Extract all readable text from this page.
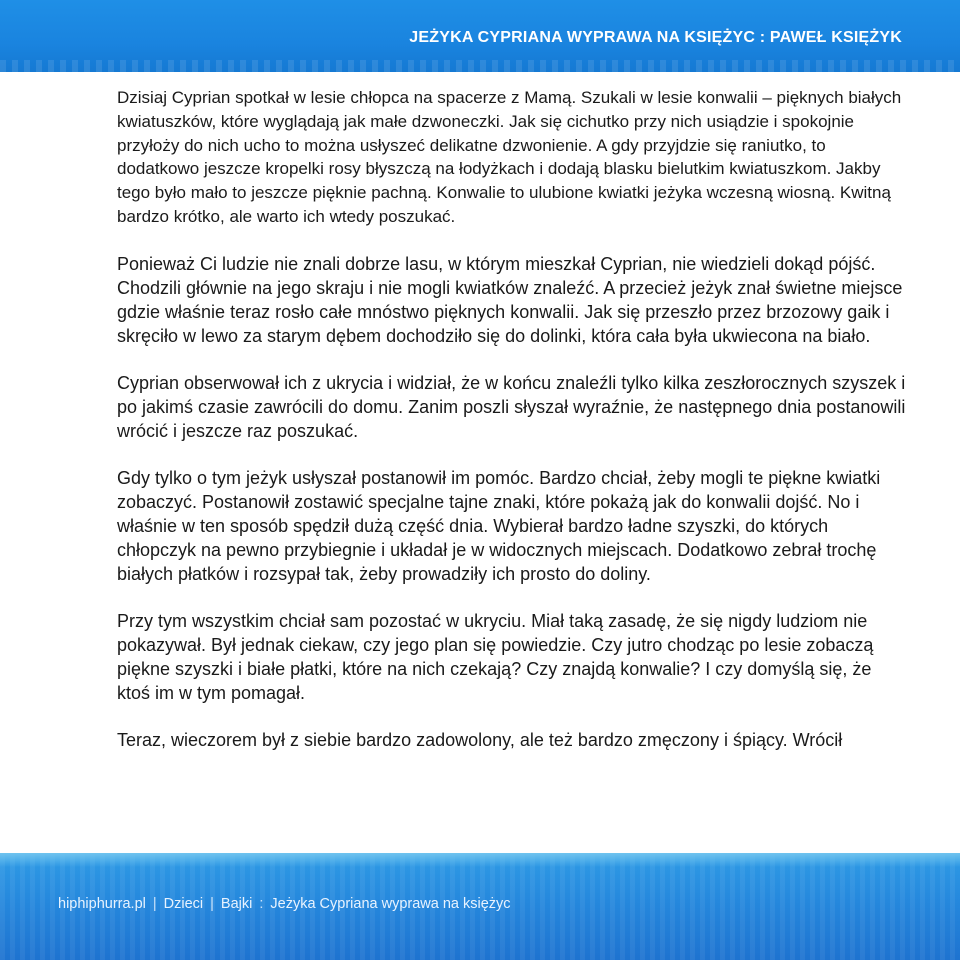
JEŻYKA CYPRIANA WYPRAWA NA KSIĘŻYC : PAWEŁ KSIĘŻYK

Dzisiaj Cyprian spotkał w lesie chłopca na spacerze z Mamą. Szukali w lesie konwalii – pięknych białych kwiatuszków, które wyglądają jak małe dzwoneczki. Jak się cichutko przy nich usiądzie i spokojnie przyłoży do nich ucho to można usłyszeć delikatne dzwonienie. A gdy przyjdzie się raniutko, to dodatkowo jeszcze kropelki rosy błyszczą na łodyżkach i dodają blasku bielutkim kwiatuszkom. Jakby tego było mało to jeszcze pięknie pachną. Konwalie to ulubione kwiatki jeżyka wczesną wiosną. Kwitną bardzo krótko, ale warto ich wtedy poszukać.

Ponieważ Ci ludzie nie znali dobrze lasu, w którym mieszkał Cyprian, nie wiedzieli dokąd pójść. Chodzili głównie na jego skraju i nie mogli kwiatków znaleźć. A przecież jeżyk znał świetne miejsce gdzie właśnie teraz rosło całe mnóstwo pięknych konwalii. Jak się przeszło przez brzozowy gaik i skręciło w lewo za starym dębem dochodziło się do dolinki, która cała była ukwiecona na biało.

Cyprian obserwował ich z ukrycia i widział, że w końcu znaleźli tylko kilka zeszłorocznych szyszek i po jakimś czasie zawrócili do domu. Zanim poszli słyszał wyraźnie, że następnego dnia postanowili wrócić i jeszcze raz poszukać.

Gdy tylko o tym jeżyk usłyszał postanowił im pomóc. Bardzo chciał, żeby mogli te piękne kwiatki zobaczyć. Postanowił zostawić specjalne tajne znaki, które pokażą jak do konwalii dojść. No i właśnie w ten sposób spędził dużą część dnia. Wybierał bardzo ładne szyszki, do których chłopczyk na pewno przybiegnie i układał je w widocznych miejscach. Dodatkowo zebrał trochę białych płatków i rozsypał tak, żeby prowadziły ich prosto do doliny.

Przy tym wszystkim chciał sam pozostać w ukryciu. Miał taką zasadę, że się nigdy ludziom nie pokazywał. Był jednak ciekaw, czy jego plan się powiedzie. Czy jutro chodząc po lesie zobaczą piękne szyszki i białe płatki, które na nich czekają? Czy znajdą konwalie? I czy domyślą się, że ktoś im w tym pomagał.

Teraz, wieczorem był z siebie bardzo zadowolony, ale też bardzo zmęczony i śpiący. Wrócił

hiphiphurra.pl | Dzieci | Bajki : Jeżyka Cypriana wyprawa na księżyc
